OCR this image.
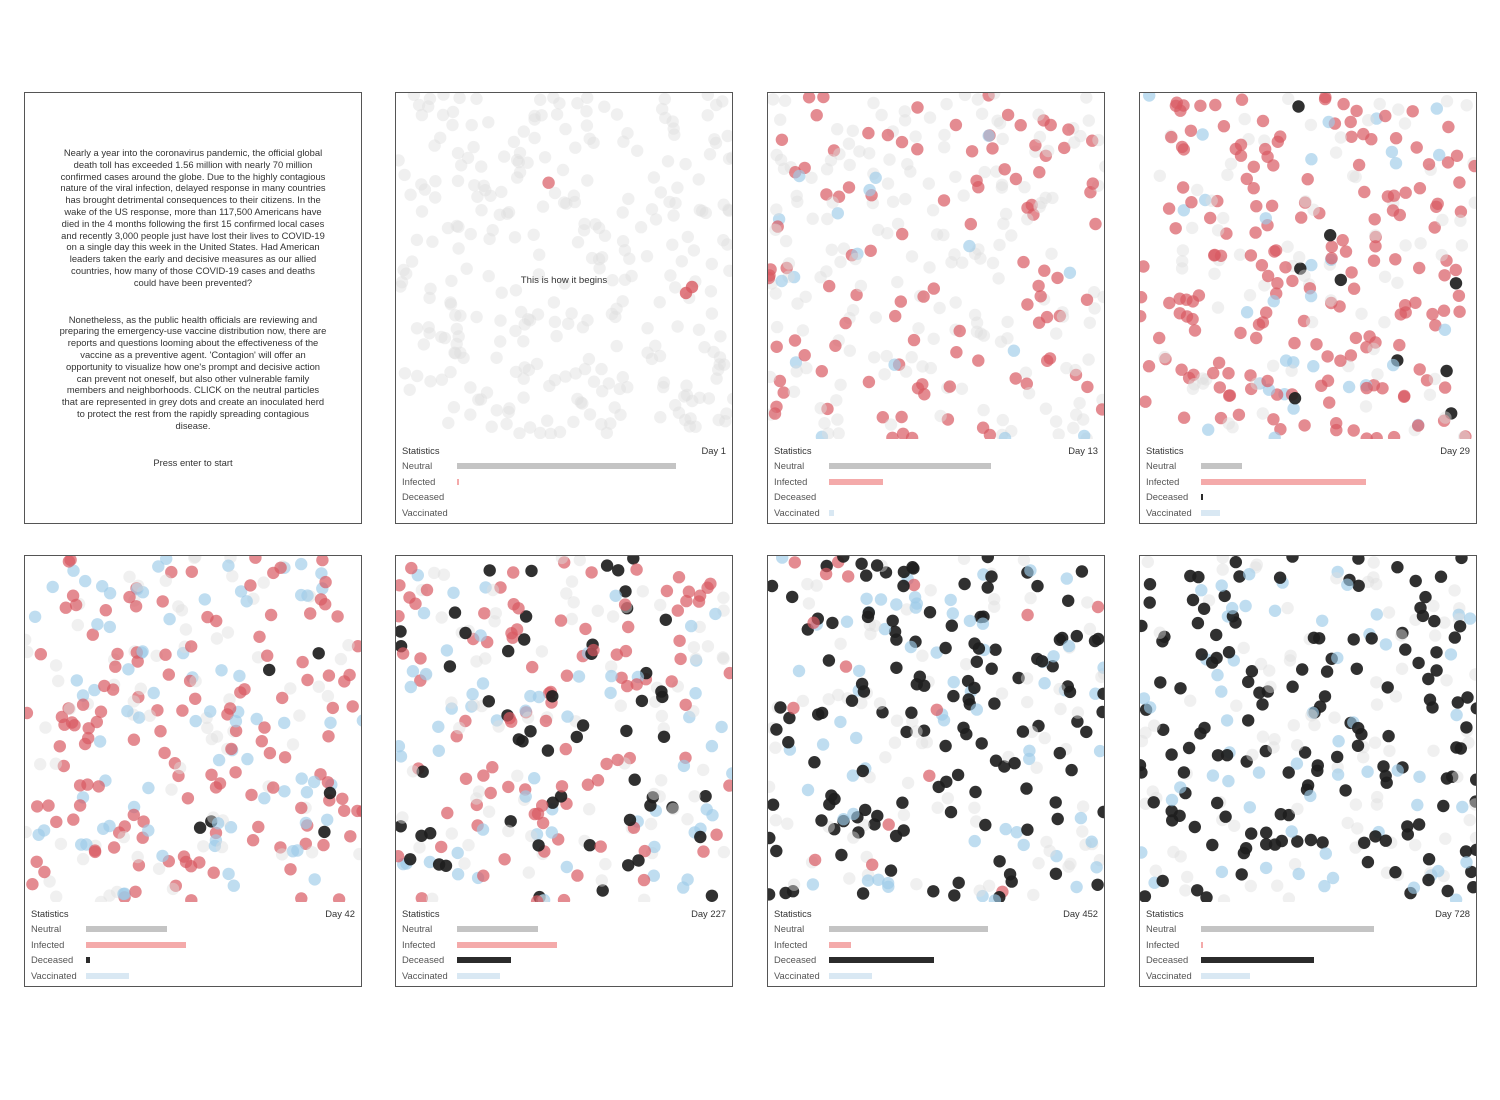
Nearly a year into the coronavirus pandemic, the official global death toll has exceeded 1.56 million with nearly 70 million confirmed cases around the globe. Due to the highly contagious nature of the viral infection, delayed response in many countries has brought detrimental consequences to their citizens. In the wake of the US response, more than 117,500 Americans have died in the 4 months following the first 15 confirmed local cases and recently 3,000 people just have lost their lives to COVID-19 on a single day this week in the United States. Had American leaders taken the early and decisive measures as our allied countries, how many of those COVID-19 cases and deaths could have been prevented?

Nonetheless, as the public health officials are reviewing and preparing the emergency-use vaccine distribution now, there are reports and questions looming about the effectiveness of the vaccine as a preventive agent. 'Contagion' will offer an opportunity to visualize how one's prompt and decisive action can prevent not oneself, but also other vulnerable family members and neighborhoods. CLICK on the neutral particles that are represented in grey dots and create an inoculated herd to protect the rest from the rapidly spreading contagious disease.

Press enter to start
This is how it begins
Statistics	Day 1
Neutral
Infected
Deceased
Vaccinated
Statistics	Day 13
Neutral
Infected
Deceased
Vaccinated
Statistics	Day 29
Neutral
Infected
Deceased
Vaccinated
Statistics	Day 42
Neutral
Infected
Deceased
Vaccinated
Statistics	Day 227
Neutral
Infected
Deceased
Vaccinated
Statistics	Day 452
Neutral
Infected
Deceased
Vaccinated
Statistics	Day 728
Neutral
Infected
Deceased
Vaccinated
